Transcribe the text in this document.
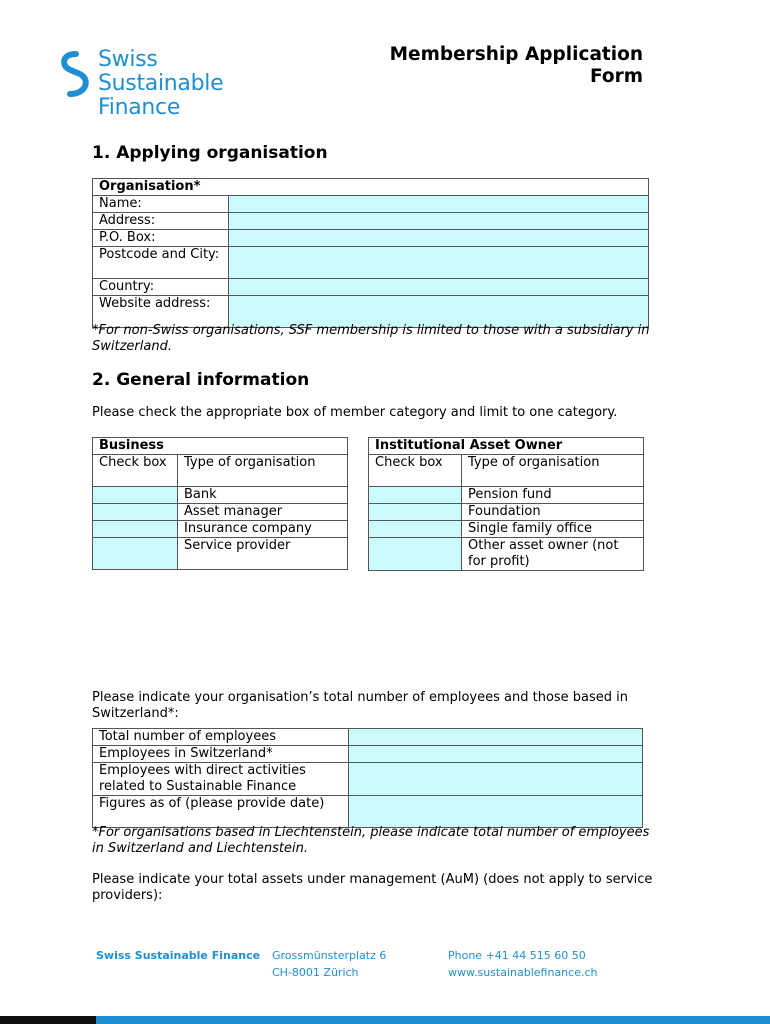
Swiss
Sustainable
Finance
Membership Application
Form
1. Applying organisation
Organisation*	
Name:	
Address:	
P.O. Box:	
Postcode and City:	
Country:	
Website address:	
*For non-Swiss organisations, SSF membership is limited to those with a subsidiary in Switzerland.
2. General information
Please check the appropriate box of member category and limit to one category.
Business	
Check box	Type of organisation
	Bank
	Asset manager
	Insurance company
	Service provider
Institutional Asset Owner	
Check box	Type of organisation
	Pension fund
	Foundation
	Single family office
	Other asset owner (not for profit)
Please indicate your organisation’s total number of employees and those based in Switzerland*:
Total number of employees	
Employees in Switzerland*	
Employees with direct activities related to Sustainable Finance	
Figures as of (please provide date)	
*For organisations based in Liechtenstein, please indicate total number of employees in Switzerland and Liechtenstein.
Please indicate your total assets under management (AuM) (does not apply to service providers):
Swiss Sustainable Finance Grossmünsterplatz 6
CH-8001 Zürich
Phone +41 44 515 60 50
www.sustainablefinance.ch
